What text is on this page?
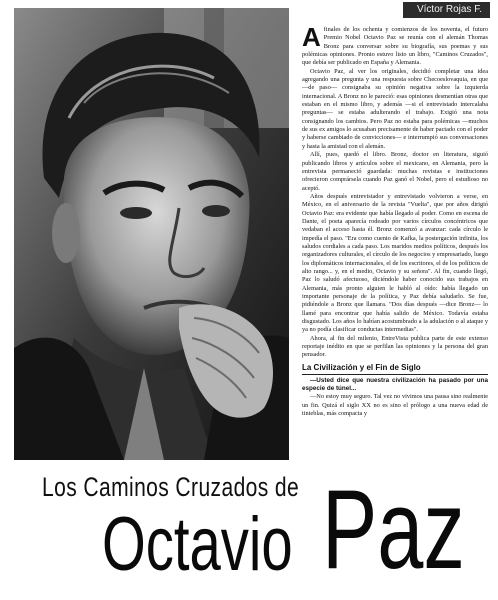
Víctor Rojas F.

Afinales de los ochenta y comienzos de los noventa, el futuro Premio Nobel Octavio Paz se reunía con el alemán Thomas Bronz para conversar sobre su biografía, sus poemas y sus polémicas opiniones. Pronto estuvo listo un libro, "Caminos Cruzados", que debía ser publicado en España y Alemania.

Octavio Paz, al ver los originales, decidió completar una idea agregando una pregunta y una respuesta sobre Checoeslovaquia, en que —de paso— consignaba su opinión negativa sobre la izquierda internacional. A Bronz no le pareció: esas opiniones desmentían otras que estaban en el mismo libro, y además —si el entrevistado intercalaba preguntas— se estaba adulterando el trabajo. Exigió una nota consignando los cambios. Pero Paz no estaba para polémicas —muchos de sus ex amigos lo acusaban precisamente de haber pactado con el poder y haberse cambiado de convicciones— e interrumpió sus conversaciones y hasta la amistad con el alemán.

Allí, pues, quedó el libro. Bronz, doctor en literatura, siguió publicando libros y artículos sobre el mexicano, en Alemania, pero la entrevista permaneció guardada: muchas revistas e instituciones ofrecieron comprársela cuando Paz ganó el Nobel, pero el estudioso no aceptó.

Años después entrevistador y entrevistado volvieron a verse, en México, en el aniversario de la revista "Vuelta", que por años dirigió Octavio Paz: era evidente que había llegado al poder. Como en escena de Dante, el poeta aparecía rodeado por varios círculos concéntricos que vedaban el acceso hasta él. Bronz comenzó a avanzar: cada círculo le impedía el paso. "Era como cuento de Kafka, la postergación infinita, los saludos cordiales a cada paso. Los maridos medios políticos, después los organizadores culturales, el círculo de los negocios y empresariado, luego los diplomáticos internacionales, el de los escritores, el de los políticos de alto rango... y, en el medio, Octavio y su señora". Al fin, cuando llegó, Paz lo saludó afectuoso, diciéndole haber conocido sus trabajos en Alemania, más pronto alguien le habló al oído: había llegado un importante personaje de la política, y Paz debía saludarlo. Se fue, pidiéndole a Bronz que llamara. "Dos días después —dice Bronz— lo llamé para encontrar que había salido de México. Todavía estaba disgustado. Los años lo habían acostumbrado a la adulación o al ataque y ya no podía clasificar conductas intermedias".

Ahora, al fin del milenio, EntreVista publica parte de este extenso reportaje inédito en que se perfilan las opiniones y la persona del gran pensador.

La Civilización y el Fin de Siglo

—Usted dice que nuestra civilización ha pasado por una especie de túnel...

—No estoy muy seguro. Tal vez no vivimos una pausa sino realmente un fin. Quizá el siglo XX no es sino el prólogo a una nueva edad de tinieblas, más compacta y

Los Caminos Cruzados de
Octavio Paz
